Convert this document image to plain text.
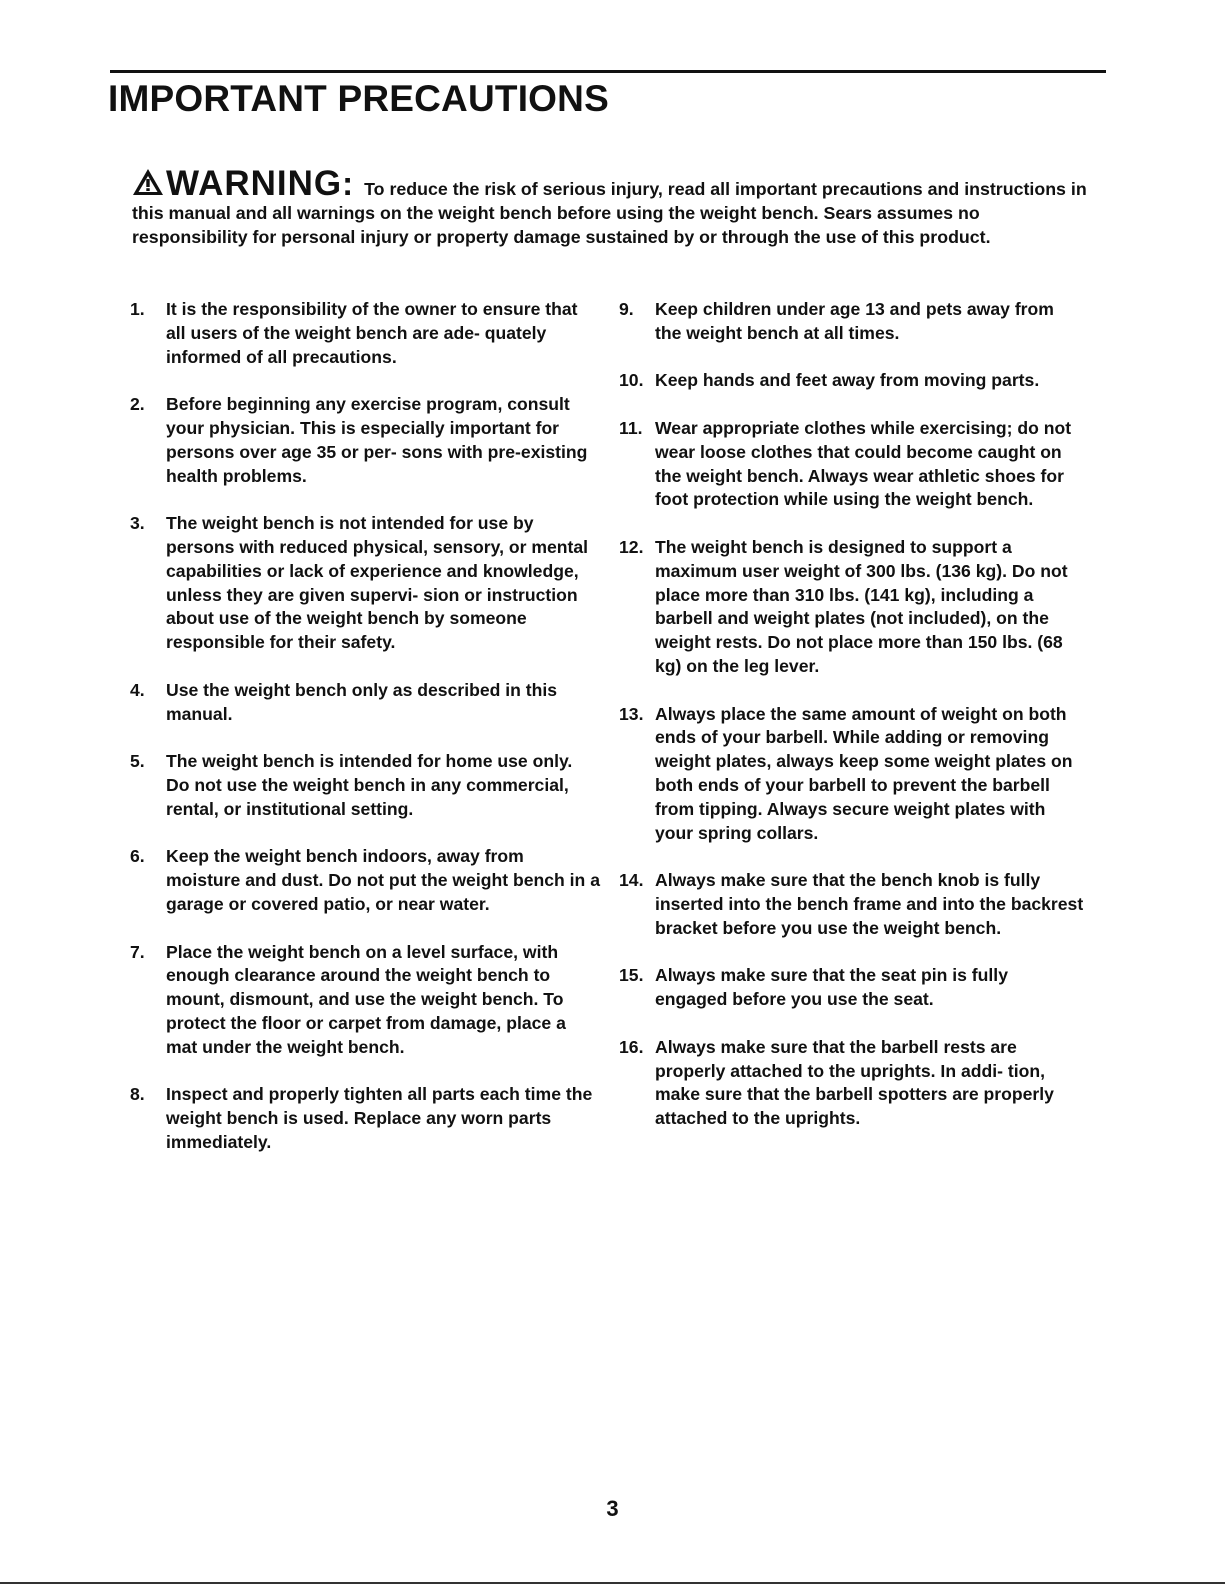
IMPORTANT PRECAUTIONS
WARNING: To reduce the risk of serious injury, read all important precautions and instructions in this manual and all warnings on the weight bench before using the weight bench. Sears assumes no responsibility for personal injury or property damage sustained by or through the use of this product.
1. It is the responsibility of the owner to ensure that all users of the weight bench are ade- quately informed of all precautions.
2. Before beginning any exercise program, consult your physician. This is especially important for persons over age 35 or per- sons with pre-existing health problems.
3. The weight bench is not intended for use by persons with reduced physical, sensory, or mental capabilities or lack of experience and knowledge, unless they are given supervi- sion or instruction about use of the weight bench by someone responsible for their safety.
4. Use the weight bench only as described in this manual.
5. The weight bench is intended for home use only. Do not use the weight bench in any commercial, rental, or institutional setting.
6. Keep the weight bench indoors, away from moisture and dust. Do not put the weight bench in a garage or covered patio, or near water.
7. Place the weight bench on a level surface, with enough clearance around the weight bench to mount, dismount, and use the weight bench. To protect the floor or carpet from damage, place a mat under the weight bench.
8. Inspect and properly tighten all parts each time the weight bench is used. Replace any worn parts immediately.
9. Keep children under age 13 and pets away from the weight bench at all times.
10. Keep hands and feet away from moving parts.
11. Wear appropriate clothes while exercising; do not wear loose clothes that could become caught on the weight bench. Always wear athletic shoes for foot protection while using the weight bench.
12. The weight bench is designed to support a maximum user weight of 300 lbs. (136 kg). Do not place more than 310 lbs. (141 kg), including a barbell and weight plates (not included), on the weight rests. Do not place more than 150 lbs. (68 kg) on the leg lever.
13. Always place the same amount of weight on both ends of your barbell. While adding or removing weight plates, always keep some weight plates on both ends of your barbell to prevent the barbell from tipping. Always secure weight plates with your spring collars.
14. Always make sure that the bench knob is fully inserted into the bench frame and into the backrest bracket before you use the weight bench.
15. Always make sure that the seat pin is fully engaged before you use the seat.
16. Always make sure that the barbell rests are properly attached to the uprights. In addi- tion, make sure that the barbell spotters are properly attached to the uprights.
3
